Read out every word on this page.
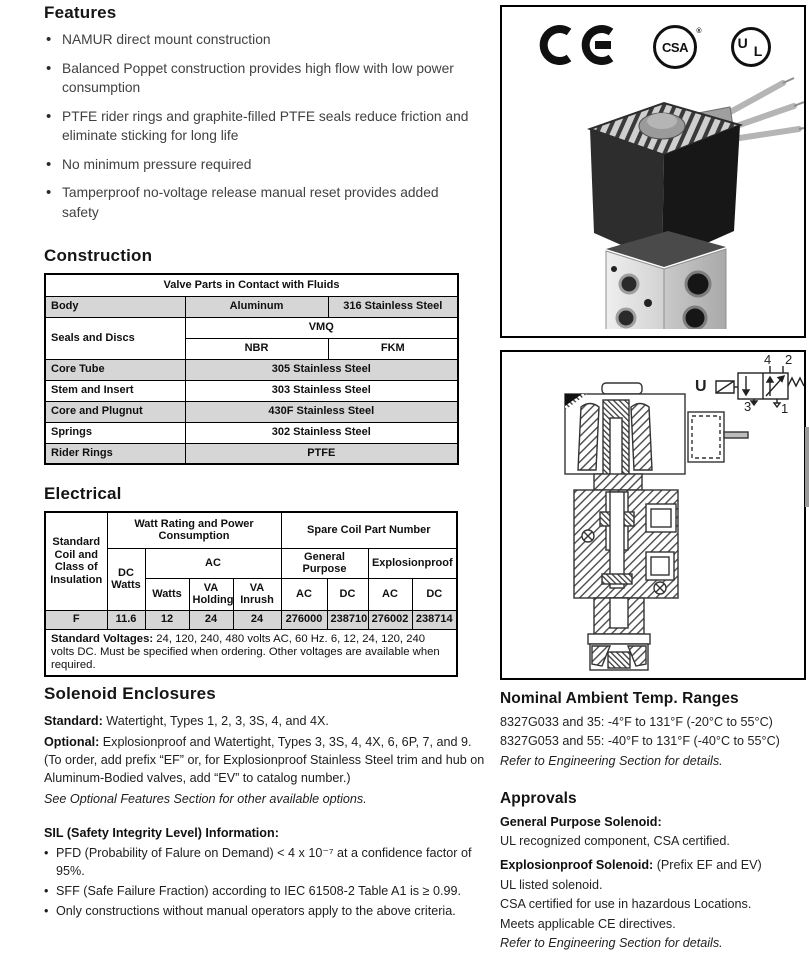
Features
• NAMUR direct mount construction
• Balanced Poppet construction provides high flow with low power consumption
• PTFE rider rings and graphite-filled PTFE seals reduce friction and eliminate sticking for long life
• No minimum pressure required
• Tamperproof no-voltage release manual reset provides added safety
Construction
Valve Parts in Contact with Fluids		
Body	Aluminum	316 Stainless Steel
Seals and Discs	VMQ	
	NBR	FKM
Core Tube	305 Stainless Steel	
Stem and Insert	303 Stainless Steel	
Core and Plugnut	430F Stainless Steel	
Springs	302 Stainless Steel	
Rider Rings	PTFE	
Electrical
Standard Coil and Class of Insulation	Watt Rating and Power Consumption				Spare Coil Part Number			
	DC Watts	AC			General Purpose		Explosionproof	
		Watts	VA Holding	VA Inrush	AC	DC	AC	DC
F	11.6	12	24	24	276000	238710	276002	238714
Standard Voltages: 24, 120, 240, 480 volts AC, 60 Hz. 6, 12, 24, 120, 240 volts DC. Must be specified when ordering. Other voltages are available when required.								
Solenoid Enclosures

Standard: Watertight, Types 1, 2, 3, 3S, 4, and 4X.

Optional: Explosionproof and Watertight, Types 3, 3S, 4, 4X, 6, 6P, 7, and 9. (To order, add prefix “EF” or, for Explosionproof Stainless Steel trim and hub on Aluminum-Bodied valves, add “EV” to catalog number.)

See Optional Features Section for other available options.

SIL (Safety Integrity Level) Information:

• PFD (Probability of Falure on Demand) < 4 x 10⁻⁷ at a confidence factor of 95%.
• SFF (Safe Failure Fraction) according to IEC 61508-2 Table A1 is ≥ 0.99.
• Only constructions without manual operators apply to the above criteria.
CSA
®
U L
U
4 2
3 1
Nominal Ambient Temp. Ranges

8327G033 and 35: -4°F to 131°F (-20°C to 55°C)

8327G053 and 55: -40°F to 131°F (-40°C to 55°C)

Refer to Engineering Section for details.

Approvals

General Purpose Solenoid:

UL recognized component, CSA certified.

Explosionproof Solenoid: (Prefix EF and EV)

UL listed solenoid.

CSA certified for use in hazardous Locations.

Meets applicable CE directives.

Refer to Engineering Section for details.
